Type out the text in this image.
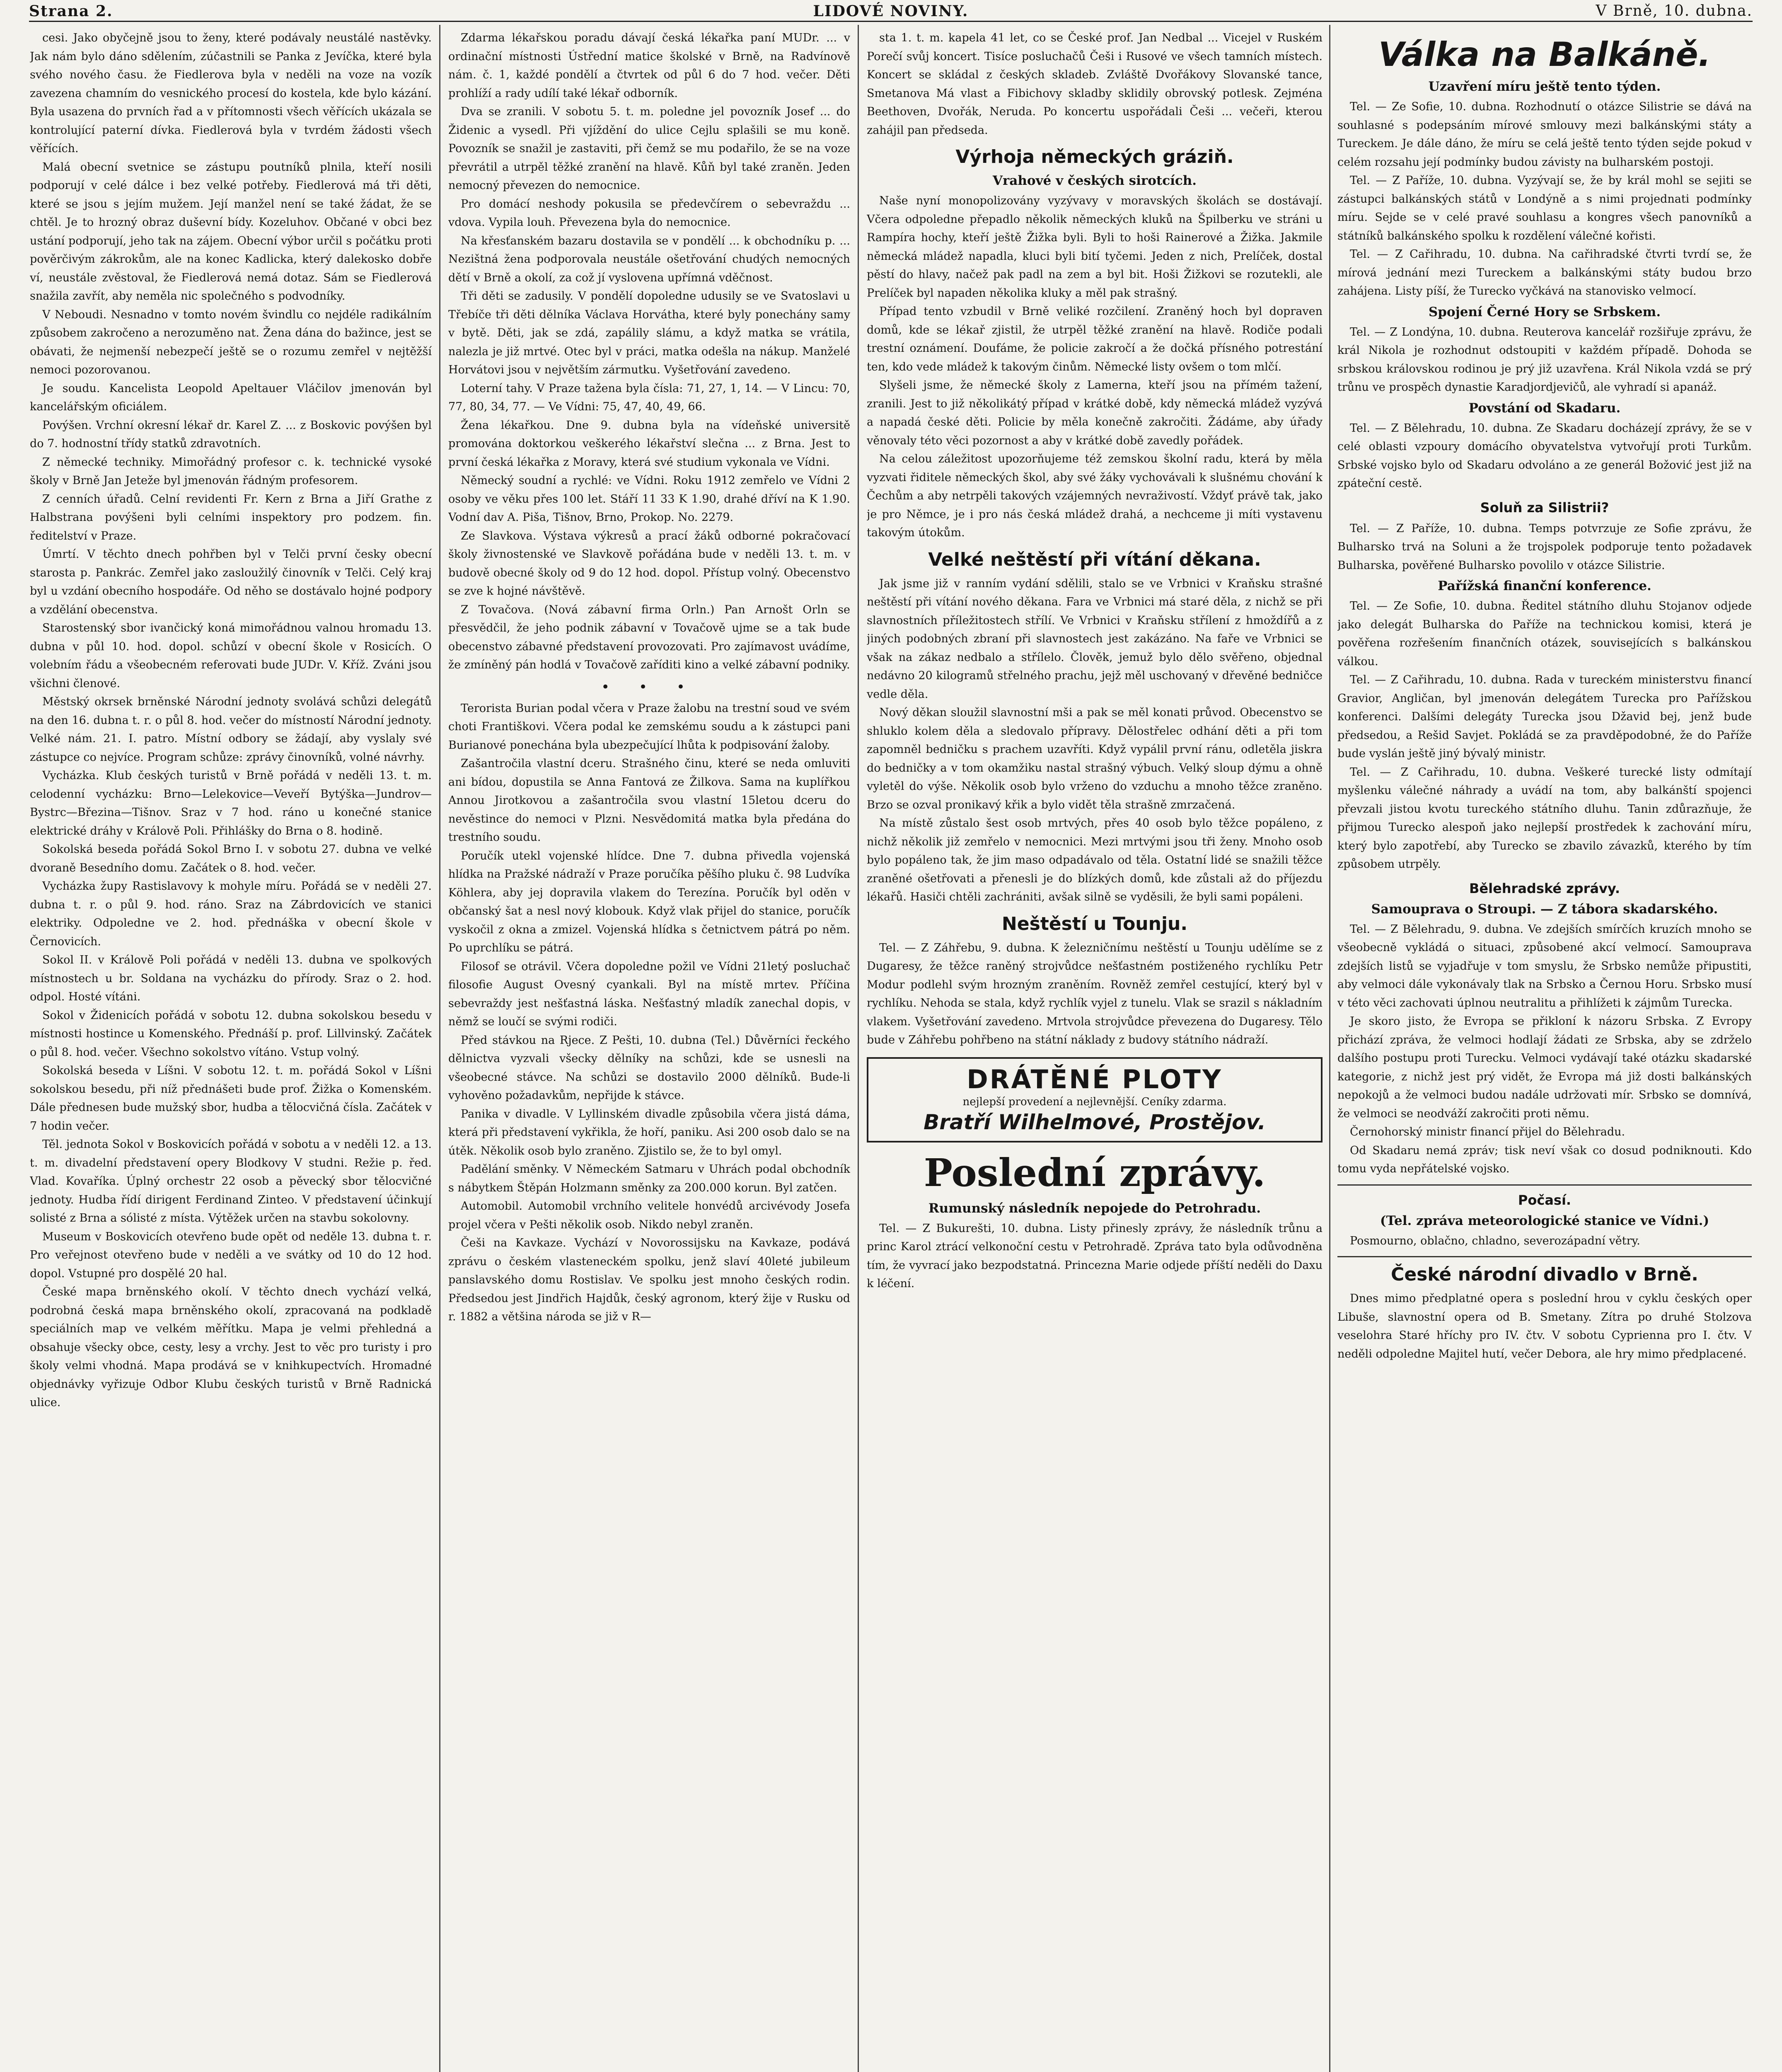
Strana 2.	LIDOVÉ NOVINY.	V Brně, 10. dubna.

cesi. Jako obyčejně jsou to ženy, které podávaly neustálé nastěvky. Jak nám bylo dáno sdělením, zúčastnili se Panka z Jevíčka, které byla svého nového času. že Fiedlerova byla v neděli na voze na vozík zavezena chamním do vesnického procesí do kostela, kde bylo kázání. Byla usazena do prvních řad a v přítomnosti všech věřících ukázala se kontrolující paterní dívka. Fiedlerová byla v tvrdém žádosti všech věřících.

Malá obecní svetnice se zástupu poutníků plnila, kteří nosili podporují v celé dálce i bez velké potřeby. Fiedlerová má tři děti, které se jsou s jejím mužem. Její manžel není se také žádat, že se chtěl. Je to hrozný obraz duševní bídy. Kozeluhov. Občané v obci bez ustání podporují, jeho tak na zájem. Obecní výbor určil s počátku proti pověrčivým zákrokům, ale na konec Kadlicka, který dalekosko dobře ví, neustále zvěstoval, že Fiedlerová nemá dotaz. Sám se Fiedlerová snažila zavřít, aby neměla nic společného s podvodníky.

V Neboudi. Nesnadno v tomto novém švindlu co nejdéle radikálním způsobem zakročeno a nerozuměno nat. Žena dána do bažince, jest se obávati, že nejmenší nebezpečí ještě se o rozumu zemřel v nejtěžší nemoci pozorovanou.

Je soudu. Kancelista Leopold Apeltauer Vláčilov jmenován byl kancelářským oficiálem.

Povýšen. Vrchní okresní lékař dr. Karel Z. ... z Boskovic povýšen byl do 7. hodnostní třídy statků zdravotních.

Z německé techniky. Mimořádný profesor c. k. technické vysoké školy v Brně Jan Jeteže byl jmenován řádným profesorem.

Z cenních úřadů. Celní revidenti Fr. Kern z Brna a Jiří Grathe z Halbstrana povýšeni byli celními inspektory pro podzem. fin. ředitelství v Praze.

Úmrtí. V těchto dnech pohřben byl v Telči první česky obecní starosta p. Pankrác. Zemřel jako zasloužilý činovník v Telči. Celý kraj byl u vzdání obecního hospodáře. Od něho se dostávalo hojné podpory a vzdělání obecenstva.

Starostenský sbor ivančický koná mimořádnou valnou hromadu 13. dubna v půl 10. hod. dopol. schůzí v obecní škole v Rosicích. O volebním řádu a všeobecném referovati bude JUDr. V. Kříž. Zváni jsou všichni členové.

Městský okrsek brněnské Národní jednoty svolává schůzi delegátů na den 16. dubna t. r. o půl 8. hod. večer do místností Národní jednoty. Velké nám. 21. I. patro. Místní odbory se žádají, aby vyslaly své zástupce co nejvíce. Program schůze: zprávy činovníků, volné návrhy.

Vycházka. Klub českých turistů v Brně pořádá v neděli 13. t. m. celodenní vycházku: Brno—Lelekovice—Veveří Bytýška—Jundrov—Bystrc—Březina—Tišnov. Sraz v 7 hod. ráno u konečné stanice elektrické dráhy v Králově Poli. Přihlášky do Brna o 8. hodině.

Sokolská beseda pořádá Sokol Brno I. v sobotu 27. dubna ve velké dvoraně Besedního domu. Začátek o 8. hod. večer.

Vycházka župy Rastislavovy k mohyle míru. Pořádá se v neděli 27. dubna t. r. o půl 9. hod. ráno. Sraz na Zábrdovicích ve stanici elektriky. Odpoledne ve 2. hod. přednáška v obecní škole v Černovicích.

Sokol II. v Králově Poli pořádá v neděli 13. dubna ve spolkových místnostech u br. Soldana na vycházku do přírody. Sraz o 2. hod. odpol. Hosté vítáni.

Sokol v Židenicích pořádá v sobotu 12. dubna sokolskou besedu v místnosti hostince u Komenského. Přednáší p. prof. Lillvinský. Začátek o půl 8. hod. večer. Všechno sokolstvo vítáno. Vstup volný.

Sokolská beseda v Líšni. V sobotu 12. t. m. pořádá Sokol v Líšni sokolskou besedu, při níž přednášeti bude prof. Žižka o Komenském. Dále přednesen bude mužský sbor, hudba a tělocvičná čísla. Začátek v 7 hodin večer.

Těl. jednota Sokol v Boskovicích pořádá v sobotu a v neděli 12. a 13. t. m. divadelní představení opery Blodkovy V studni. Režie p. řed. Vlad. Kovaříka. Úplný orchestr 22 osob a pěvecký sbor tělocvičné jednoty. Hudba řídí dirigent Ferdinand Zinteo. V představení účinkují solisté z Brna a sólisté z místa. Výtěžek určen na stavbu sokolovny.

Museum v Boskovicích otevřeno bude opět od neděle 13. dubna t. r. Pro veřejnost otevřeno bude v neděli a ve svátky od 10 do 12 hod. dopol. Vstupné pro dospělé 20 hal.

České mapa brněnského okolí. V těchto dnech vychází velká, podrobná česká mapa brněnského okolí, zpracovaná na podkladě speciálních map ve velkém měřítku. Mapa je velmi přehledná a obsahuje všecky obce, cesty, lesy a vrchy. Jest to věc pro turisty i pro školy velmi vhodná. Mapa prodává se v knihkupectvích. Hromadné objednávky vyřizuje Odbor Klubu českých turistů v Brně Radnická ulice.

Zdarma lékařskou poradu dávají česká lékařka paní MUDr. ... v ordinační místnosti Ústřední matice školské v Brně, na Radvínově nám. č. 1, každé pondělí a čtvrtek od půl 6 do 7 hod. večer. Děti prohlíží a rady udílí také lékař odborník.

Dva se zranili. V sobotu 5. t. m. poledne jel povozník Josef ... do Židenic a vysedl. Při vjíždění do ulice Cejlu splašili se mu koně. Povozník se snažil je zastaviti, při čemž se mu podařilo, že se na voze převrátil a utrpěl těžké zranění na hlavě. Kůň byl také zraněn. Jeden nemocný převezen do nemocnice.

Pro domácí neshody pokusila se předevčírem o sebevraždu ... vdova. Vypila louh. Převezena byla do nemocnice.

Na křesťanském bazaru dostavila se v pondělí ... k obchodníku p. ... Nezištná žena podporovala neustále ošetřování chudých nemocných dětí v Brně a okolí, za což jí vyslovena upřímná vděčnost.

Tři děti se zadusily. V pondělí dopoledne udusily se ve Svatoslavi u Třebíče tři děti dělníka Václava Horvátha, které byly ponechány samy v bytě. Děti, jak se zdá, zapálily slámu, a když matka se vrátila, nalezla je již mrtvé. Otec byl v práci, matka odešla na nákup. Manželé Horvátovi jsou v největším zármutku. Vyšetřování zavedeno.

Loterní tahy. V Praze tažena byla čísla: 71, 27, 1, 14. — V Lincu: 70, 77, 80, 34, 77. — Ve Vídni: 75, 47, 40, 49, 66.

Žena lékařkou. Dne 9. dubna byla na vídeňské universitě promována doktorkou veškerého lékařství slečna ... z Brna. Jest to první česká lékařka z Moravy, která své studium vykonala ve Vídni.

Německý soudní a rychlé: ve Vídni. Roku 1912 zemřelo ve Vídni 2 osoby ve věku přes 100 let. Stáří 11 33 K 1.90, drahé dříví na K 1.90. Vodní dav A. Piša, Tišnov, Brno, Prokop. No. 2279.

Ze Slavkova. Výstava výkresů a prací žáků odborné pokračovací školy živnostenské ve Slavkově pořádána bude v neděli 13. t. m. v budově obecné školy od 9 do 12 hod. dopol. Přístup volný. Obecenstvo se zve k hojné návštěvě.

Z Tovačova. (Nová zábavní firma Orln.) Pan Arnošt Orln se přesvědčil, že jeho podnik zábavní v Tovačově ujme se a tak bude obecenstvo zábavné představení provozovati. Pro zajímavost uvádíme, že zmíněný pán hodlá v Tovačově zaříditi kino a velké zábavní podniky.

• • •

Terorista Burian podal včera v Praze žalobu na trestní soud ve svém choti Františkovi. Včera podal ke zemskému soudu a k zástupci pani Burianové ponechána byla ubezpečující lhůta k podpisování žaloby.

Zašantročila vlastní dceru. Strašného činu, které se neda omluviti ani bídou, dopustila se Anna Fantová ze Žilkova. Sama na kuplířkou Annou Jirotkovou a zašantročila svou vlastní 15letou dceru do nevěstince do nemoci v Plzni. Nesvědomitá matka byla předána do trestního soudu.

Poručík utekl vojenské hlídce. Dne 7. dubna přivedla vojenská hlídka na Pražské nádraží v Praze poručíka pěšího pluku č. 98 Ludvíka Köhlera, aby jej dopravila vlakem do Terezína. Poručík byl oděn v občanský šat a nesl nový klobouk. Když vlak přijel do stanice, poručík vyskočil z okna a zmizel. Vojenská hlídka s četnictvem pátrá po něm. Po uprchlíku se pátrá.

Filosof se otrávil. Včera dopoledne požil ve Vídni 21letý posluchač filosofie August Ovesný cyankali. Byl na místě mrtev. Příčina sebevraždy jest nešťastná láska. Nešťastný mladík zanechal dopis, v němž se loučí se svými rodiči.

Před stávkou na Rjece. Z Pešti, 10. dubna (Tel.) Důvěrníci řeckého dělnictva vyzvali všecky dělníky na schůzi, kde se usnesli na všeobecné stávce. Na schůzi se dostavilo 2000 dělníků. Bude-li vyhověno požadavkům, nepřijde k stávce.

Panika v divadle. V Lyllinském divadle způsobila včera jistá dáma, která při představení vykřikla, že hoří, paniku. Asi 200 osob dalo se na útěk. Několik osob bylo zraněno. Zjistilo se, že to byl omyl.

Padělání směnky. V Německém Satmaru v Uhrách podal obchodník s nábytkem Štěpán Holzmann směnky za 200.000 korun. Byl zatčen.

Automobil. Automobil vrchního velitele honvédů arcivévody Josefa projel včera v Pešti několik osob. Nikdo nebyl zraněn.

Češi na Kavkaze. Vychází v Novorossijsku na Kavkaze, podává zprávu o českém vlasteneckém spolku, jenž slaví 40leté jubileum panslavského domu Rostislav. Ve spolku jest mnoho českých rodin. Předsedou jest Jindřich Hajdůk, český agronom, který žije v Rusku od r. 1882 a většina národa se již v R—

sta 1. t. m. kapela 41 let, co se České prof. Jan Nedbal ... Vicejel v Ruském Porečí svůj koncert. Tisíce posluchačů Češi i Rusové ve všech tamních místech. Koncert se skládal z českých skladeb. Zvláště Dvořákovy Slovanské tance, Smetanova Má vlast a Fibichovy skladby sklidily obrovský potlesk. Zejména Beethoven, Dvořák, Neruda. Po koncertu uspořádali Češi ... večeři, kterou zahájil pan předseda.

Výrhoja německých gráziň.
Vrahové v českých sirotcích.

Naše nyní monopolizovány vyzývavy v moravských školách se dostávají. Včera odpoledne přepadlo několik německých kluků na Špilberku ve stráni u Rampíra hochy, kteří ještě Žižka byli. Byli to hoši Rainerové a Žižka. Jakmile německá mládež napadla, kluci byli bití tyčemi. Jeden z nich, Prelíček, dostal pěstí do hlavy, načež pak padl na zem a byl bit. Hoši Žižkovi se rozutekli, ale Prelíček byl napaden několika kluky a měl pak strašný.

Případ tento vzbudil v Brně veliké rozčilení. Zraněný hoch byl dopraven domů, kde se lékař zjistil, že utrpěl těžké zranění na hlavě. Rodiče podali trestní oznámení. Doufáme, že policie zakročí a že dočká přísného potrestání ten, kdo vede mládež k takovým činům. Německé listy ovšem o tom mlčí.

Slyšeli jsme, že německé školy z Lamerna, kteří jsou na přímém tažení, zranili. Jest to již několikátý případ v krátké době, kdy německá mládež vyzývá a napadá české děti. Policie by měla konečně zakročiti. Žádáme, aby úřady věnovaly této věci pozornost a aby v krátké době zavedly pořádek.

Na celou záležitost upozorňujeme též zemskou školní radu, která by měla vyzvati řiditele německých škol, aby své žáky vychovávali k slušnému chování k Čechům a aby netrpěli takových vzájemných nevraživostí. Vždyť právě tak, jako je pro Němce, je i pro nás česká mládež drahá, a nechceme ji míti vystavenu takovým útokům.

Velké neštěstí při vítání děkana.

Jak jsme již v ranním vydání sdělili, stalo se ve Vrbnici v Kraňsku strašné neštěstí při vítání nového děkana. Fara ve Vrbnici má staré děla, z nichž se při slavnostních příležitostech střílí. Ve Vrbnici v Kraňsku střílení z hmoždířů a z jiných podobných zbraní při slavnostech jest zakázáno. Na faře ve Vrbnici se však na zákaz nedbalo a střílelo. Člověk, jemuž bylo dělo svěřeno, objednal nedávno 20 kilogramů střelného prachu, jejž měl uschovaný v dřevěné bedničce vedle děla.

Nový děkan sloužil slavnostní mši a pak se měl konati průvod. Obecenstvo se shluklo kolem děla a sledovalo přípravy. Dělostřelec odhání děti a při tom zapomněl bedničku s prachem uzavříti. Když vypálil první ránu, odletěla jiskra do bedničky a v tom okamžiku nastal strašný výbuch. Velký sloup dýmu a ohně vyletěl do výše. Několik osob bylo vrženo do vzduchu a mnoho těžce zraněno. Brzo se ozval pronikavý křik a bylo vidět těla strašně zmrzačená.

Na místě zůstalo šest osob mrtvých, přes 40 osob bylo těžce popáleno, z nichž několik již zemřelo v nemocnici. Mezi mrtvými jsou tři ženy. Mnoho osob bylo popáleno tak, že jim maso odpadávalo od těla. Ostatní lidé se snažili těžce zraněné ošetřovati a přenesli je do blízkých domů, kde zůstali až do příjezdu lékařů. Hasiči chtěli zachrániti, avšak silně se vyděsili, že byli sami popáleni.

Neštěstí u Tounju.

Tel. — Z Záhřebu, 9. dubna. K železničnímu neštěstí u Tounju udělíme se z Dugaresy, že těžce raněný strojvůdce nešťastném postiženého rychlíku Petr Modur podlehl svým hrozným zraněním. Rovněž zemřel cestující, který byl v rychlíku. Nehoda se stala, když rychlík vyjel z tunelu. Vlak se srazil s nákladním vlakem. Vyšetřování zavedeno. Mrtvola strojvůdce převezena do Dugaresy. Tělo bude v Záhřebu pohřbeno na státní náklady z budovy státního nádraží.

DRÁTĚNÉ PLOTY
nejlepší provedení a nejlevnější. Ceníky zdarma.
Bratří Wilhelmové, Prostějov.
Poslední zprávy.
Rumunský následník nepojede do Petrohradu.

Tel. — Z Bukurešti, 10. dubna. Listy přinesly zprávy, že následník trůnu a princ Karol ztrácí velkonoční cestu v Petrohradě. Zpráva tato byla odůvodněna tím, že vyvrací jako bezpodstatná. Princezna Marie odjede příští neděli do Daxu k léčení.

Válka na Balkáně.
Uzavření míru ještě tento týden.

Tel. — Ze Sofie, 10. dubna. Rozhodnutí o otázce Silistrie se dává na souhlasné s podepsáním mírové smlouvy mezi balkánskými státy a Tureckem. Je dále dáno, že míru se celá ještě tento týden sejde pokud v celém rozsahu její podmínky budou závisty na bulharském postoji.

Tel. — Z Paříže, 10. dubna. Vyzývají se, že by král mohl se sejiti se zástupci balkánských států v Londýně a s nimi projednati podmínky míru. Sejde se v celé pravé souhlasu a kongres všech panovníků a státníků balkánského spolku k rozdělení válečné kořisti.

Tel. — Z Cařihradu, 10. dubna. Na cařihradské čtvrti tvrdí se, že mírová jednání mezi Tureckem a balkánskými státy budou brzo zahájena. Listy píší, že Turecko vyčkává na stanovisko velmocí.

Spojení Černé Hory se Srbskem.

Tel. — Z Londýna, 10. dubna. Reuterova kancelář rozšiřuje zprávu, že král Nikola je rozhodnut odstoupiti v každém případě. Dohoda se srbskou královskou rodinou je prý již uzavřena. Král Nikola vzdá se prý trůnu ve prospěch dynastie Karadjordjevičů, ale vyhradí si apanáž.

Povstání od Skadaru.

Tel. — Z Bělehradu, 10. dubna. Ze Skadaru docházejí zprávy, že se v celé oblasti vzpoury domácího obyvatelstva vytvořují proti Turkům. Srbské vojsko bylo od Skadaru odvoláno a ze generál Božović jest již na zpáteční cestě.

Soluň za Silistrii?

Tel. — Z Paříže, 10. dubna. Temps potvrzuje ze Sofie zprávu, že Bulharsko trvá na Soluni a že trojspolek podporuje tento požadavek Bulharska, pověřené Bulharsko povolilo v otázce Silistrie.

Pařížská finanční konference.

Tel. — Ze Sofie, 10. dubna. Ředitel státního dluhu Stojanov odjede jako delegát Bulharska do Paříže na technickou komisi, která je pověřena rozřešením finančních otázek, souvisejících s balkánskou válkou.

Tel. — Z Cařihradu, 10. dubna. Rada v tureckém ministerstvu financí Gravior, Angličan, byl jmenován delegátem Turecka pro Pařížskou konferenci. Dalšími delegáty Turecka jsou Džavid bej, jenž bude předsedou, a Rešid Savjet. Pokládá se za pravděpodobné, že do Paříže bude vyslán ještě jiný bývalý ministr.

Tel. — Z Cařihradu, 10. dubna. Veškeré turecké listy odmítají myšlenku válečné náhrady a uvádí na tom, aby balkánští spojenci převzali jistou kvotu tureckého státního dluhu. Tanin zdůrazňuje, že přijmou Turecko alespoň jako nejlepší prostředek k zachování míru, který bylo zapotřebí, aby Turecko se zbavilo závazků, kterého by tím způsobem utrpěly.

Bělehradské zprávy.
Samouprava o Stroupi. — Z tábora skadarského.

Tel. — Z Bělehradu, 9. dubna. Ve zdejších smírčích kruzích mnoho se všeobecně vykládá o situaci, způsobené akcí velmocí. Samouprava zdejších listů se vyjadřuje v tom smyslu, že Srbsko nemůže připustiti, aby velmoci dále vykonávaly tlak na Srbsko a Černou Horu. Srbsko musí v této věci zachovati úplnou neutralitu a přihlížeti k zájmům Turecka.

Je skoro jisto, že Evropa se přikloní k názoru Srbska. Z Evropy přichází zpráva, že velmoci hodlají žádati ze Srbska, aby se zdrželo dalšího postupu proti Turecku. Velmoci vydávají také otázku skadarské kategorie, z nichž jest prý vidět, že Evropa má již dosti balkánských nepokojů a že velmoci budou nadále udržovati mír. Srbsko se domnívá, že velmoci se neodváží zakročiti proti němu.

Černohorský ministr financí přijel do Bělehradu.

Od Skadaru nemá zpráv; tisk neví však co dosud podniknouti. Kdo tomu vyda nepřátelské vojsko.

Počasí.
(Tel. zpráva meteorologické stanice ve Vídni.)

Posmourno, oblačno, chladno, severozápadní větry.

České národní divadlo v Brně.

Dnes mimo předplatné opera s poslední hrou v cyklu českých oper Libuše, slavnostní opera od B. Smetany. Zítra po druhé Stolzova veselohra Staré hříchy pro IV. čtv. V sobotu Cyprienna pro I. čtv. V neděli odpoledne Majitel hutí, večer Debora, ale hry mimo předplacené.
